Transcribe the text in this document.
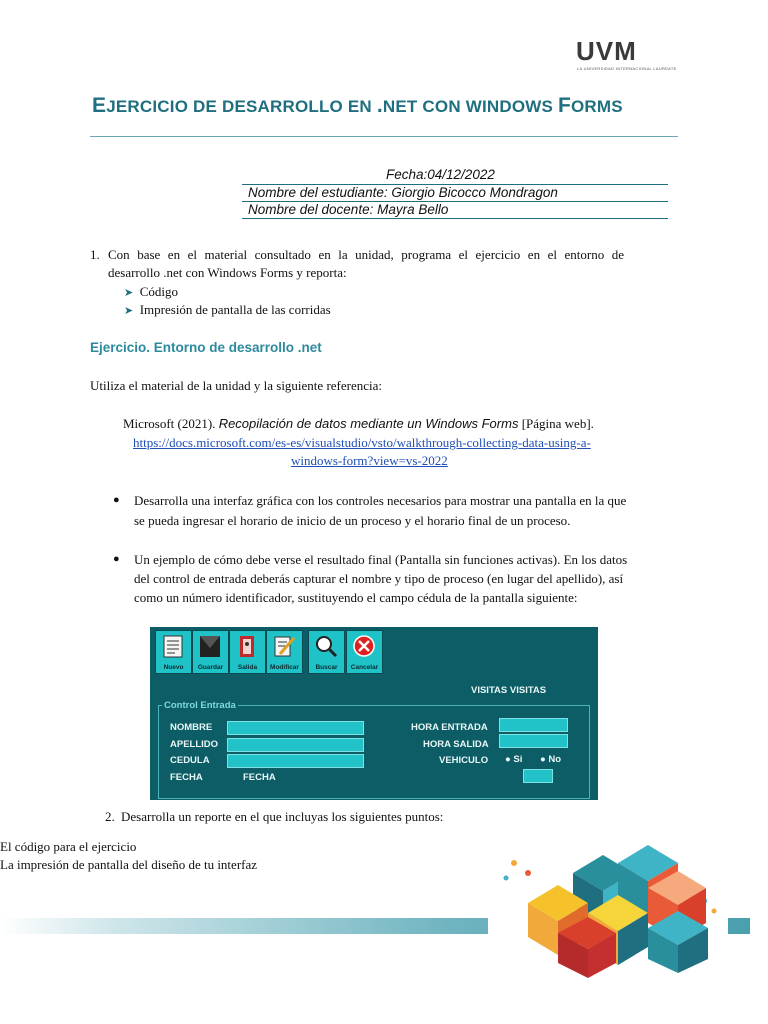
UVM
LA UNIVERSIDAD INTERNACIONAL LAUREATE
EJERCICIO DE DESARROLLO EN .NET CON WINDOWS FORMS
Fecha:04/12/2022
Nombre del estudiante: Giorgio Bicocco Mondragon
Nombre del docente: Mayra Bello
1. Con base en el material consultado en la unidad, programa el ejercicio en el entorno de
desarrollo .net con Windows Forms y reporta:
➤ Código
➤ Impresión de pantalla de las corridas
Ejercicio. Entorno de desarrollo .net
Utiliza el material de la unidad y la siguiente referencia:
Microsoft (2021). Recopilación de datos mediante un Windows Forms [Página web].
https://docs.microsoft.com/es-es/visualstudio/vsto/walkthrough-collecting-data-using-a-
windows-form?view=vs-2022
● Desarrolla una interfaz gráfica con los controles necesarios para mostrar una pantalla en la que
se pueda ingresar el horario de inicio de un proceso y el horario final de un proceso.
● Un ejemplo de cómo debe verse el resultado final (Pantalla sin funciones activas). En los datos
del control de entrada deberás capturar el nombre y tipo de proceso (en lugar del apellido), así
como un número identificador, sustituyendo el campo cédula de la pantalla siguiente:
Nuevo	Guardar	Salida	Modificar	Buscar	Cancelar
VISITAS VISITAS
Control Entrada
NOMBRE
APELLIDO
CEDULA
FECHA	FECHA
HORA ENTRADA
HORA SALIDA
VEHICULO ● Si ● No
2. Desarrolla un reporte en el que incluyas los siguientes puntos:
El código para el ejercicio
La impresión de pantalla del diseño de tu interfaz
